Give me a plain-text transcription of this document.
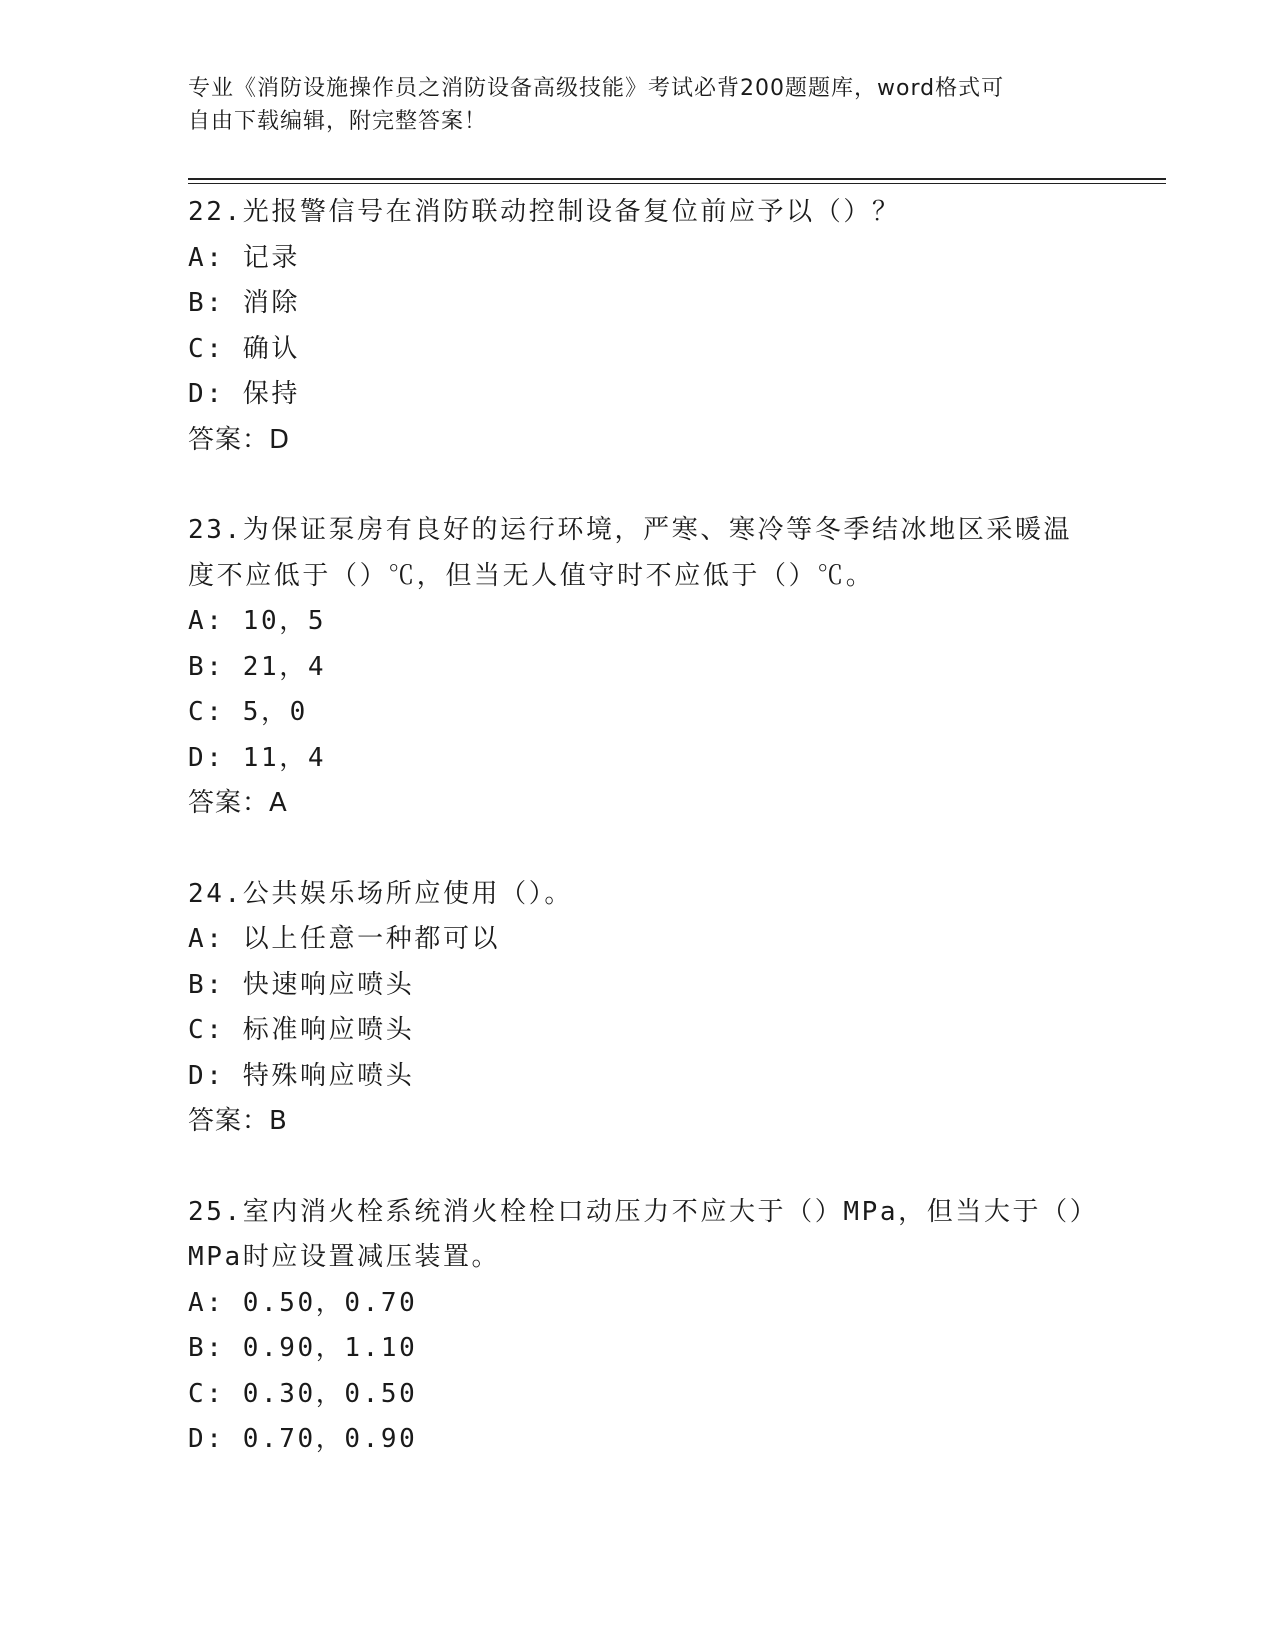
专业《消防设施操作员之消防设备高级技能》考试必背200题题库，word格式可
自由下载编辑，附完整答案！
22.光报警信号在消防联动控制设备复位前应予以（）？
A: 记录
B: 消除
C: 确认
D: 保持
答案：D
23.为保证泵房有良好的运行环境，严寒、寒冷等冬季结冰地区采暖温度不应低于（）℃，但当无人值守时不应低于（）℃。
A: 10，5
B: 21，4
C: 5，0
D: 11，4
答案：A
24.公共娱乐场所应使用（）。
A: 以上任意一种都可以
B: 快速响应喷头
C: 标准响应喷头
D: 特殊响应喷头
答案：B
25.室内消火栓系统消火栓栓口动压力不应大于（）MPa，但当大于（）MPa时应设置减压装置。
A: 0.50，0.70
B: 0.90，1.10
C: 0.30，0.50
D: 0.70，0.90
